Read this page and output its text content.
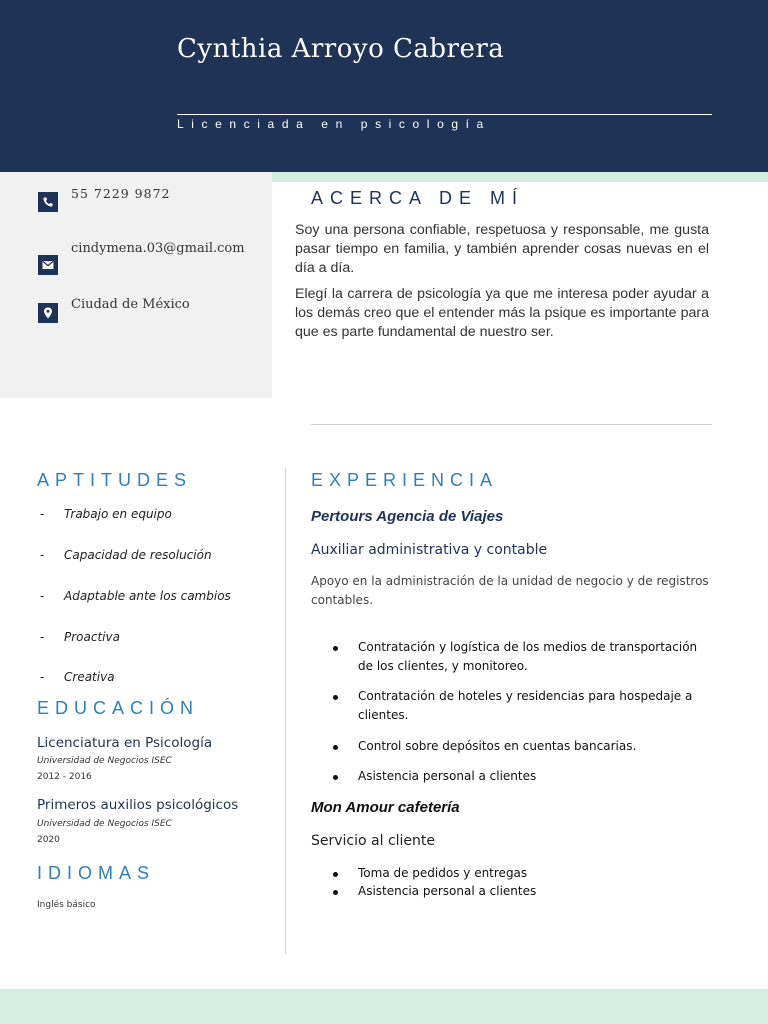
Cynthia Arroyo Cabrera
Licenciada en psicología
55 7229 9872
cindymena.03@gmail.com
Ciudad de México
ACERCA DE MÍ
Soy una persona confiable, respetuosa y responsable, me gusta pasar tiempo en familia, y también aprender cosas nuevas en el día a día.
Elegí la carrera de psicología ya que me interesa poder ayudar a los demás creo que el entender más la psique es importante para que es parte fundamental de nuestro ser.
APTITUDES
- Trabajo en equipo
- Capacidad de resolución
- Adaptable ante los cambios
- Proactiva
- Creativa
EDUCACIÓN
Licenciatura en Psicología
Universidad de Negocios ISEC
2012 - 2016
Primeros auxilios psicológicos
Universidad de Negocios ISEC
2020
IDIOMAS
Inglés básico
EXPERIENCIA
Pertours Agencia de Viajes
Auxiliar administrativa y contable
Apoyo en la administración de la unidad de negocio y de registros contables.
Contratación y logística de los medios de transportación de los clientes, y monitoreo.
Contratación de hoteles y residencias para hospedaje a clientes.
Control sobre depósitos en cuentas bancarias.
Asistencia personal a clientes
Mon Amour cafetería
Servicio al cliente
Toma de pedidos y entregas
Asistencia personal a clientes
